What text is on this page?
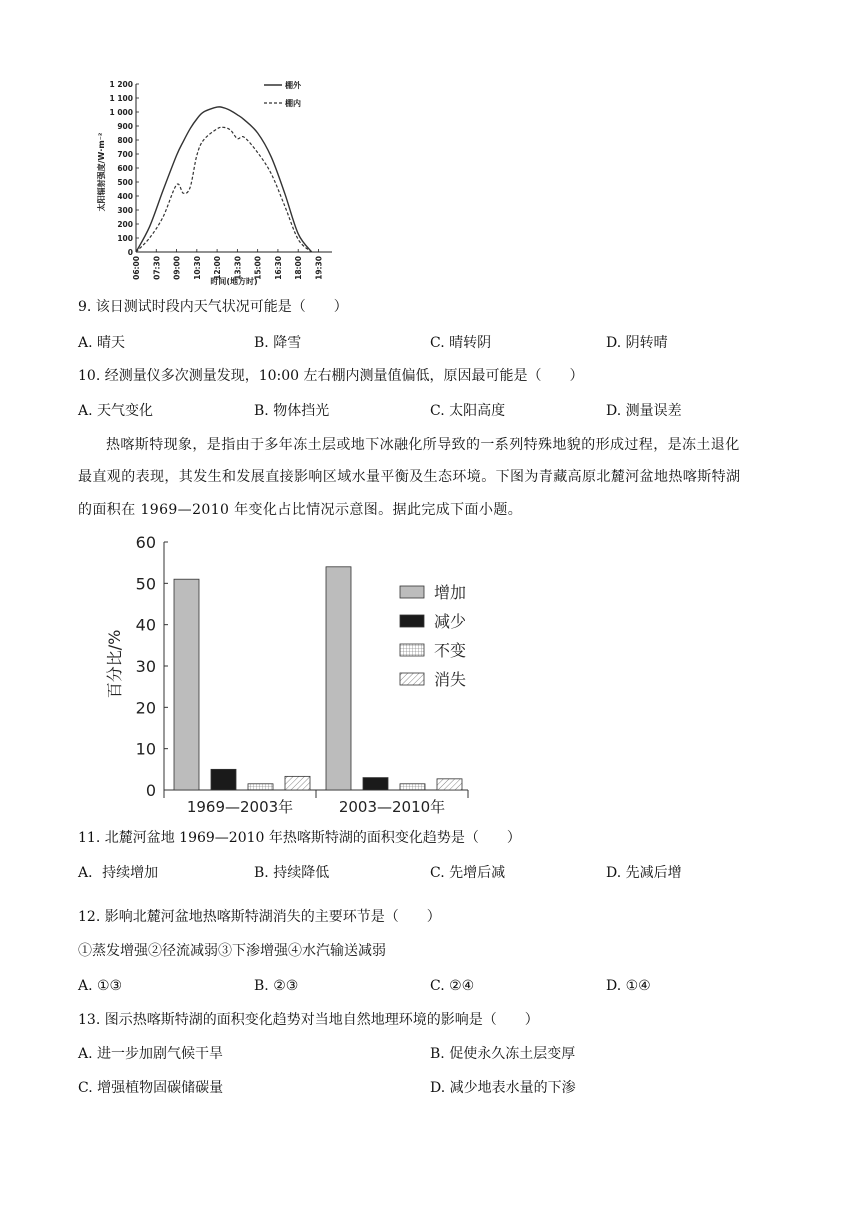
0
100
200
300
400
500
600
700
800
900
1 000
1 100
1 200
06:00 07:30 09:00 10:30 12:00 13:30 15:00 16:30 18:00 19:30
太阳辐射强度/W·m⁻²
时间(地方时)
棚外
棚内
9. 该日测试时段内天气状况可能是（　　）
A. 晴天	B. 降雪	C. 晴转阴	D. 阴转晴
10. 经测量仪多次测量发现，10:00 左右棚内测量值偏低，原因最可能是（　　）
A. 天气变化	B. 物体挡光	C. 太阳高度	D. 测量误差
热喀斯特现象，是指由于多年冻土层或地下冰融化所导致的一系列特殊地貌的形成过程，是冻土退化
最直观的表现，其发生和发展直接影响区域水量平衡及生态环境。下图为青藏高原北麓河盆地热喀斯特湖
的面积在 1969—2010 年变化占比情况示意图。据此完成下面小题。
0
10
20
30
40
50
60
1969—2003年	2003—2010年
百分比/%
增加
减少
不变
消失
11. 北麓河盆地 1969—2010 年热喀斯特湖的面积变化趋势是（　　）
A．持续增加	B. 持续降低	C. 先增后减	D. 先减后增
12. 影响北麓河盆地热喀斯特湖消失的主要环节是（　　）
①蒸发增强②径流减弱③下渗增强④水汽输送减弱
A. ①③	B. ②③	C. ②④	D. ①④
13. 图示热喀斯特湖的面积变化趋势对当地自然地理环境的影响是（　　）
A. 进一步加剧气候干旱	B. 促使永久冻土层变厚
C. 增强植物固碳储碳量	D. 减少地表水量的下渗
